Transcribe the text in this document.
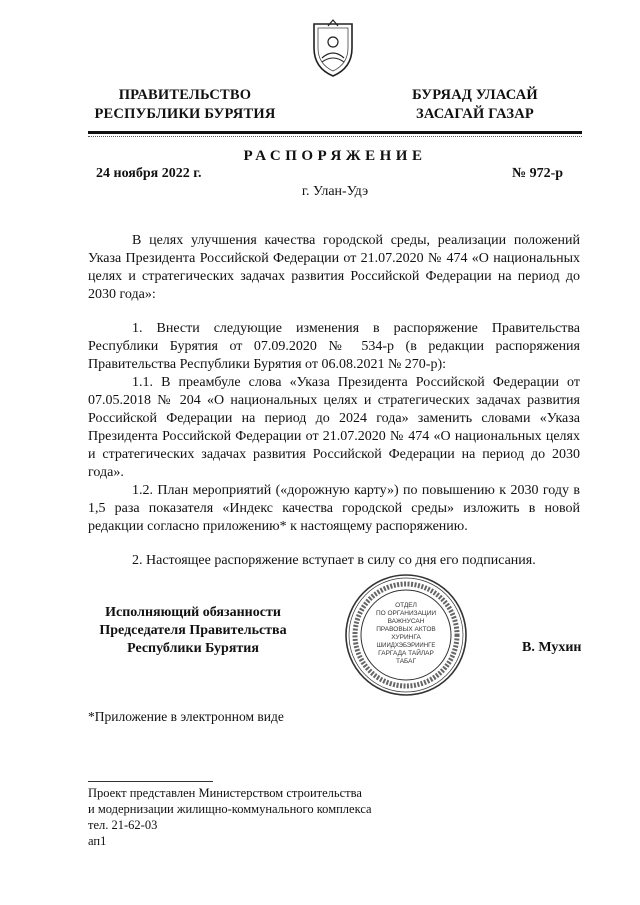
ПРАВИТЕЛЬСТВО
РЕСПУБЛИКИ БУРЯТИЯ
БУРЯАД УЛАСАЙ
ЗАСАГАЙ ГАЗАР
РАСПОРЯЖЕНИЕ
24 ноября 2022 г.	№ 972-р
г. Улан-Удэ

В целях улучшения качества городской среды, реализации положений Указа Президента Российской Федерации от 21.07.2020 № 474 «О национальных целях и стратегических задачах развития Российской Федерации на период до 2030 года»:

1. Внести следующие изменения в распоряжение Правительства Республики Бурятия от 07.09.2020 № 534-р (в редакции распоряжения Правительства Республики Бурятия от 06.08.2021 № 270-р):

1.1. В преамбуле слова «Указа Президента Российской Федерации от 07.05.2018 № 204 «О национальных целях и стратегических задачах развития Российской Федерации на период до 2024 года» заменить словами «Указа Президента Российской Федерации от 21.07.2020 № 474 «О национальных целях и стратегических задачах развития Российской Федерации на период до 2030 года».

1.2. План мероприятий («дорожную карту») по повышению к 2030 году в 1,5 раза показателя «Индекс качества городской среды» изложить в новой редакции согласно приложению* к настоящему распоряжению.

2. Настоящее распоряжение вступает в силу со дня его подписания.

Исполняющий обязанности
Председателя Правительства
Республики Бурятия	В. Мухин
ОТДЕЛ
ПО ОРГАНИЗАЦИИ
ВАЖНУСАН
ПРАВОВЫХ АКТОВ
ХУРИНГА
ШИИДХЭБЭРИИНГЕ
ГАРГАДА ТАЙЛАР
ТАБАГ
*Приложение в электронном виде
Проект представлен Министерством строительства
и модернизации жилищно-коммунального комплекса
тел. 21-62-03
ап1
